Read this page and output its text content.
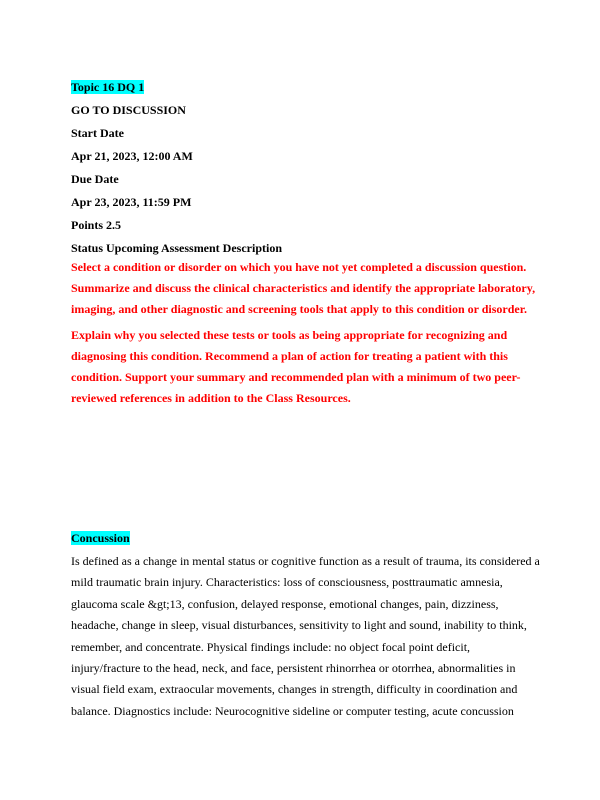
Topic 16 DQ 1
GO TO DISCUSSION
Start Date
Apr 21, 2023, 12:00 AM
Due Date
Apr 23, 2023, 11:59 PM
Points 2.5
Status Upcoming Assessment Description

Select a condition or disorder on which you have not yet completed a discussion question. Summarize and discuss the clinical characteristics and identify the appropriate laboratory, imaging, and other diagnostic and screening tools that apply to this condition or disorder.

Explain why you selected these tests or tools as being appropriate for recognizing and diagnosing this condition. Recommend a plan of action for treating a patient with this condition. Support your summary and recommended plan with a minimum of two peer-reviewed references in addition to the Class Resources.

Concussion

Is defined as a change in mental status or cognitive function as a result of trauma, its considered a mild traumatic brain injury. Characteristics: loss of consciousness, posttraumatic amnesia, glaucoma scale &gt;13, confusion, delayed response, emotional changes, pain, dizziness, headache, change in sleep, visual disturbances, sensitivity to light and sound, inability to think, remember, and concentrate. Physical findings include: no object focal point deficit, injury/fracture to the head, neck, and face, persistent rhinorrhea or otorrhea, abnormalities in visual field exam, extraocular movements, changes in strength, difficulty in coordination and balance. Diagnostics include: Neurocognitive sideline or computer testing, acute concussion
